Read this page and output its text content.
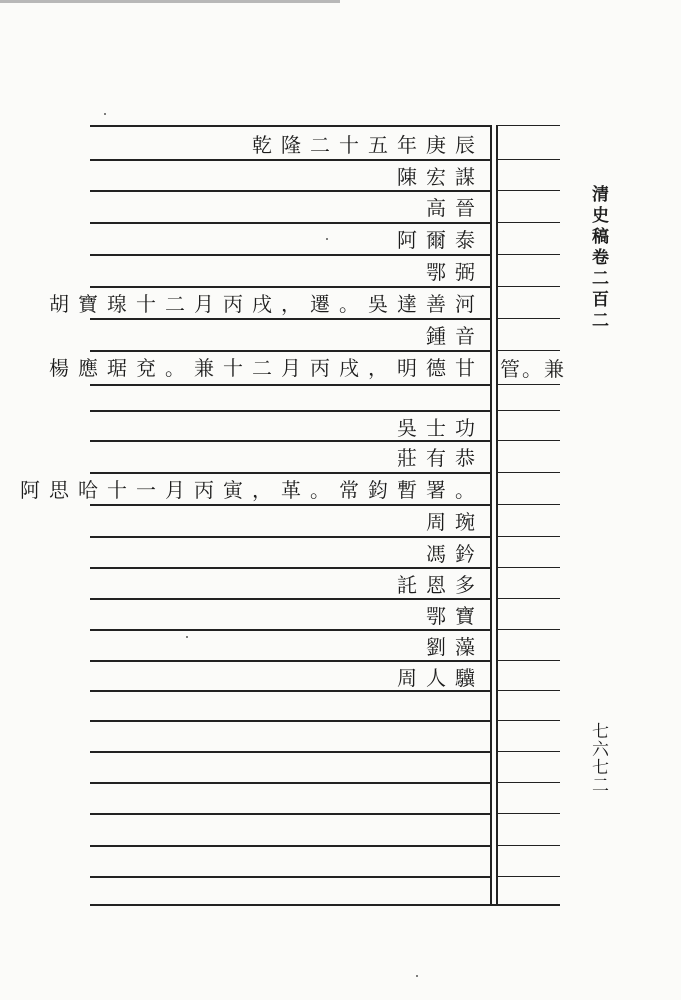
乾隆二十五年庚辰
陳宏謀
高晉
阿爾泰
鄂弼
胡寶瑔十二月丙戌，遷。吳達善河
鍾音
楊應琚兗。兼十二月丙戌，明德甘
吳士功
莊有恭
阿思哈十一月丙寅，革。常鈞暫署。
周琬
馮鈐
託恩多
鄂寶
劉藻
周人驥
管。兼
清史稿卷二百二
七六七二
